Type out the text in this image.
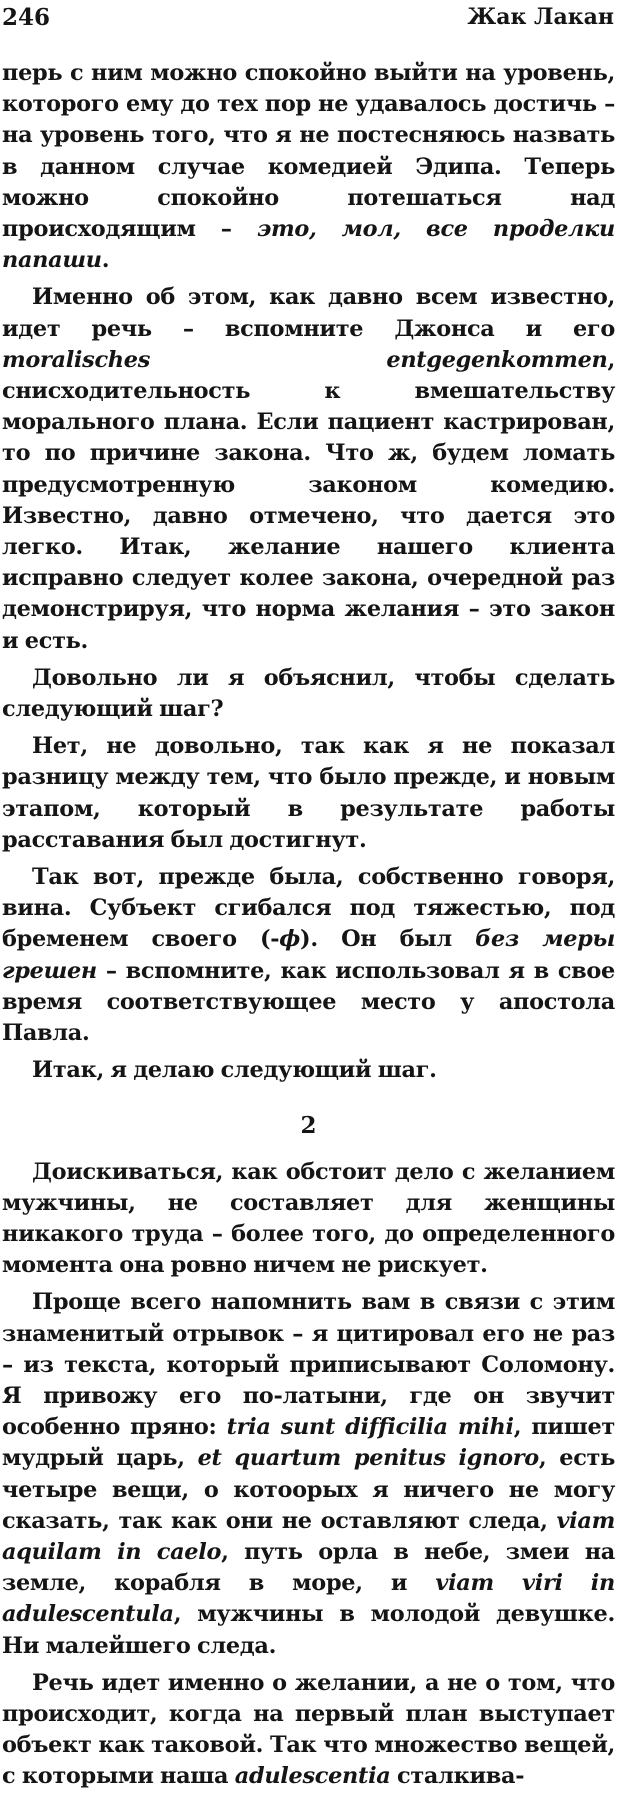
246	Жак Лакан

перь с ним можно спокойно выйти на уровень, которого ему до тех пор не удавалось достичь – на уровень того, что я не постесняюсь назвать в данном случае комедией Эдипа. Теперь можно спокойно потешаться над происходящим – это, мол, все проделки папаши.

Именно об этом, как давно всем известно, идет речь – вспомните Джонса и его moralisches entgegenkommen, снисходительность к вмешательству морального плана. Если пациент кастрирован, то по причине закона. Что ж, будем ломать предусмотренную законом комедию. Известно, давно отмечено, что дается это легко. Итак, желание нашего клиента исправно следует колее закона, очередной раз демонстрируя, что норма желания – это закон и есть.

Довольно ли я объяснил, чтобы сделать следующий шаг?

Нет, не довольно, так как я не показал разницу между тем, что было прежде, и новым этапом, который в результате работы расставания был достигнут.

Так вот, прежде была, собственно говоря, вина. Субъект сгибался под тяжестью, под бременем своего (-ϕ). Он был без меры грешен – вспомните, как использовал я в свое время соответствующее место у апостола Павла.

Итак, я делаю следующий шаг.

2

Доискиваться, как обстоит дело с желанием мужчины, не составляет для женщины никакого труда – более того, до определенного момента она ровно ничем не рискует.

Проще всего напомнить вам в связи с этим знаменитый отрывок – я цитировал его не раз – из текста, который приписывают Соломону. Я привожу его по-латыни, где он звучит особенно пряно: tria sunt difficilia mihi, пишет мудрый царь, et quartum penitus ignoro, есть четыре вещи, о котоорых я ничего не могу сказать, так как они не оставляют следа, viam aquilam in caelo, путь орла в небе, змеи на земле, корабля в море, и viam viri in adulescentula, мужчины в молодой девушке. Ни малейшего следа.

Речь идет именно о желании, а не о том, что происходит, когда на первый план выступает объект как таковой. Так что множество вещей, с которыми наша adulescentia сталкива-
